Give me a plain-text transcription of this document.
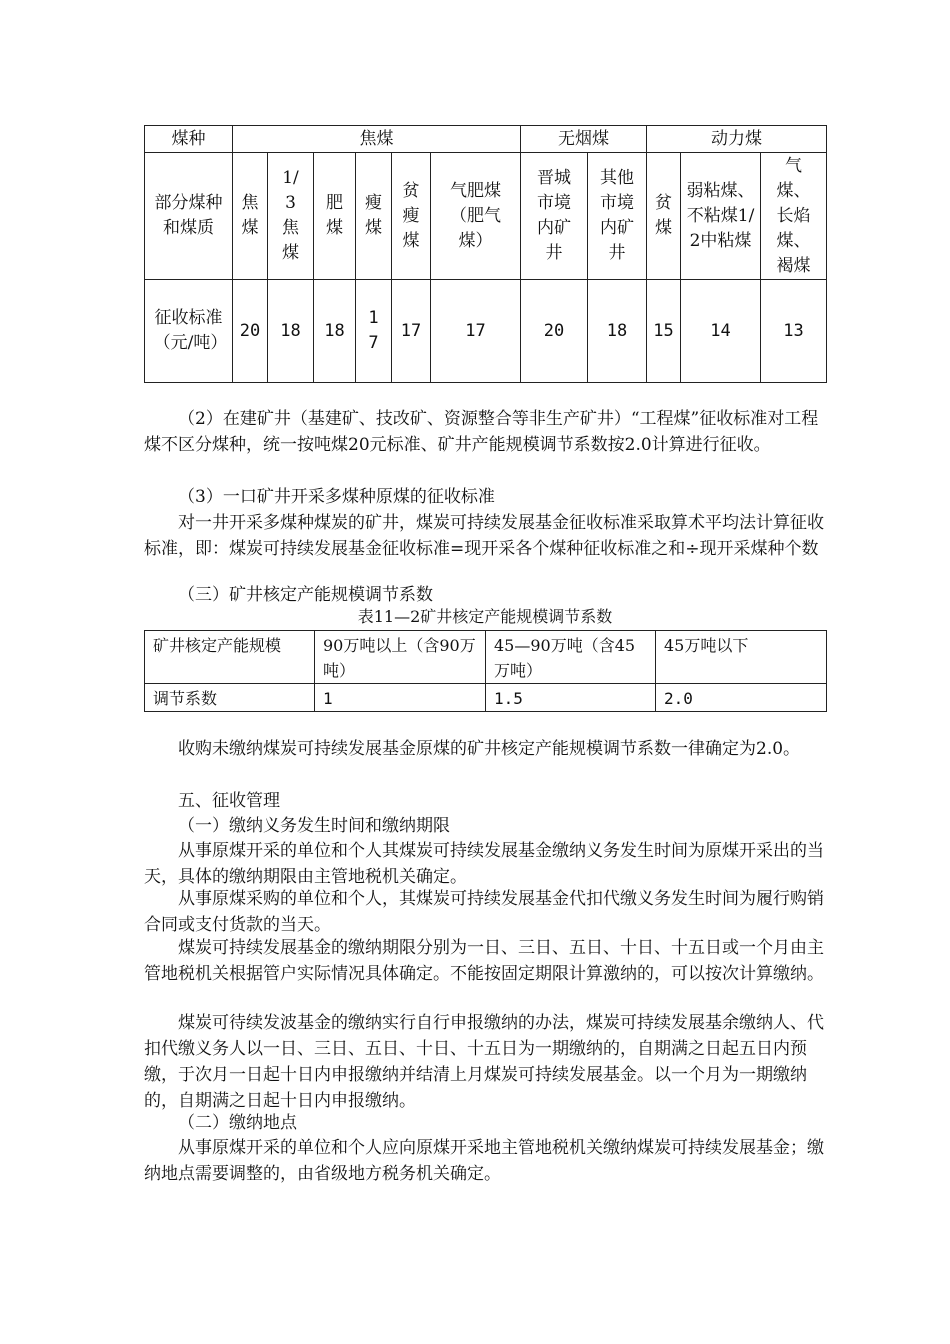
煤种	焦煤						无烟煤		动力煤		
部分煤种和煤质	焦煤	1/3焦煤	肥煤	瘦煤	贫瘦煤	气肥煤（肥气煤）	晋城市境内矿井	其他市境内矿井	贫煤	弱粘煤、不粘煤1/2中粘煤	气煤、长焰煤、褐煤
征收标准（元/吨）	20	18	18	17	17	17	20	18	15	14	13

（2）在建矿井（基建矿、技改矿、资源整合等非生产矿井）“工程煤”征收标准对工程煤不区分煤种，统一按吨煤20元标准、矿井产能规模调节系数按2.0计算进行征收。

（3）一口矿井开采多煤种原煤的征收标准

对一井开采多煤种煤炭的矿井，煤炭可持续发展基金征收标准采取算术平均法计算征收标准，即：煤炭可持续发展基金征收标准=现开采各个煤种征收标准之和÷现开采煤种个数

（三）矿井核定产能规模调节系数

表11—2矿井核定产能规模调节系数
矿井核定产能规模	90万吨以上（含90万吨）	45—90万吨（含45万吨）	45万吨以下
调节系数	1	1.5	2.0

收购未缴纳煤炭可持续发展基金原煤的矿井核定产能规模调节系数一律确定为2.0。

五、征收管理

（一）缴纳义务发生时间和缴纳期限

从事原煤开采的单位和个人其煤炭可持续发展基金缴纳义务发生时间为原煤开采出的当天，具体的缴纳期限由主管地税机关确定。

从事原煤采购的单位和个人，其煤炭可持续发展基金代扣代缴义务发生时间为履行购销合同或支付货款的当天。

煤炭可持续发展基金的缴纳期限分别为一日、三日、五日、十日、十五日或一个月由主管地税机关根据管户实际情况具体确定。不能按固定期限计算激纳的，可以按次计算缴纳。

煤炭可待续发波基金的缴纳实行自行申报缴纳的办法，煤炭可持续发展基余缴纳人、代扣代缴义务人以一日、三日、五日、十日、十五日为一期缴纳的，自期满之日起五日内预缴，于次月一日起十日内申报缴纳并结清上月煤炭可持续发展基金。以一个月为一期缴纳的，自期满之日起十日内申报缴纳。

（二）缴纳地点

从事原煤开采的单位和个人应向原煤开采地主管地税机关缴纳煤炭可持续发展基金；缴纳地点需要调整的，由省级地方税务机关确定。
